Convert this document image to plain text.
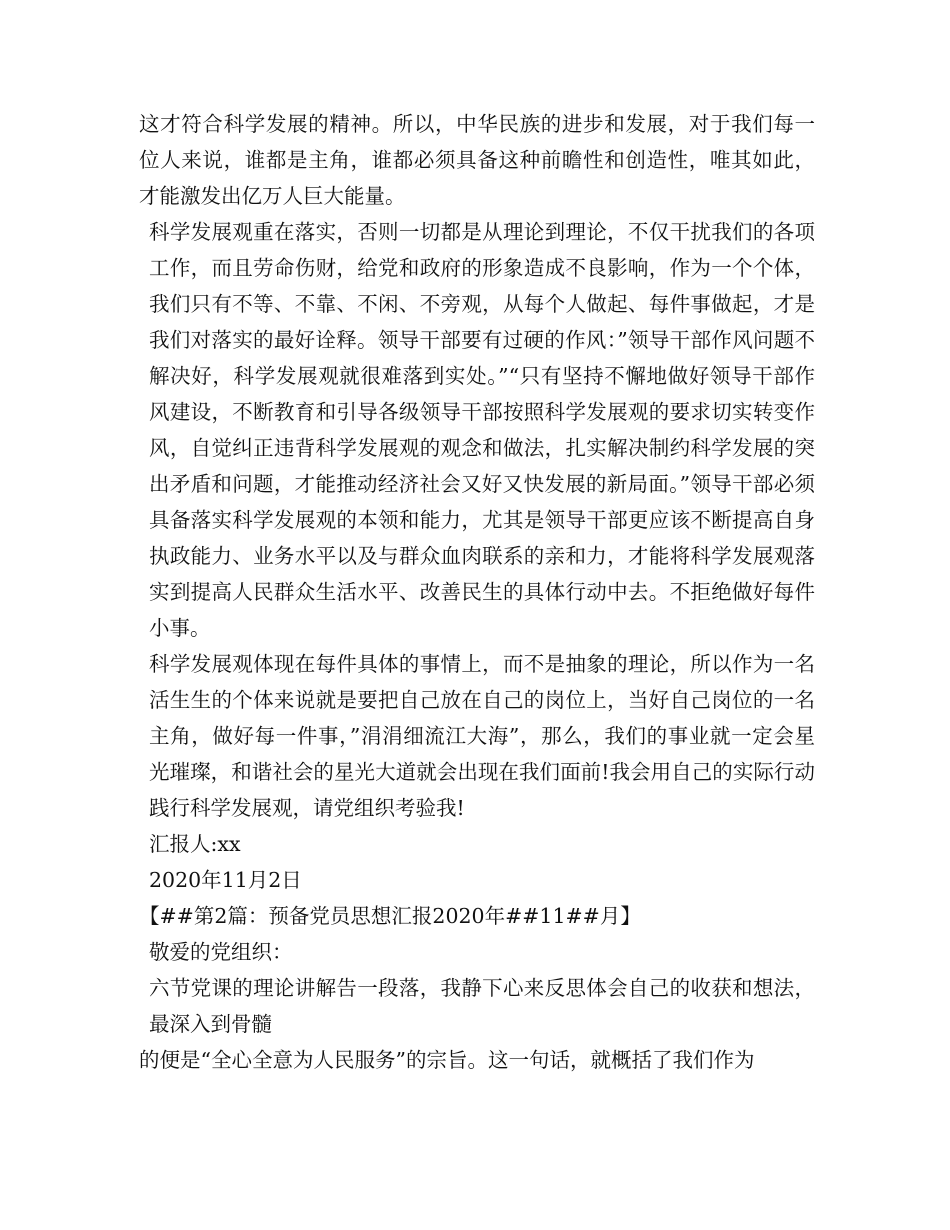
这才符合科学发展的精神。所以，中华民族的进步和发展，对于我们每一位人来说，谁都是主角，谁都必须具备这种前瞻性和创造性，唯其如此，才能激发出亿万人巨大能量。

科学发展观重在落实，否则一切都是从理论到理论，不仅干扰我们的各项工作，而且劳命伤财，给党和政府的形象造成不良影响，作为一个个体，我们只有不等、不靠、不闲、不旁观，从每个人做起、每件事做起，才是我们对落实的最好诠释。领导干部要有过硬的作风：”领导干部作风问题不解决好，科学发展观就很难落到实处。”“只有坚持不懈地做好领导干部作风建设，不断教育和引导各级领导干部按照科学发展观的要求切实转变作风，自觉纠正违背科学发展观的观念和做法，扎实解决制约科学发展的突出矛盾和问题，才能推动经济社会又好又快发展的新局面。”领导干部必须具备落实科学发展观的本领和能力，尤其是领导干部更应该不断提高自身执政能力、业务水平以及与群众血肉联系的亲和力，才能将科学发展观落实到提高人民群众生活水平、改善民生的具体行动中去。不拒绝做好每件小事。

科学发展观体现在每件具体的事情上，而不是抽象的理论，所以作为一名活生生的个体来说就是要把自己放在自己的岗位上，当好自己岗位的一名主角，做好每一件事，”涓涓细流江大海”，那么，我们的事业就一定会星光璀璨，和谐社会的星光大道就会出现在我们面前!我会用自己的实际行动践行科学发展观，请党组织考验我!

汇报人:xx

2020年11月2日

【##第2篇：预备党员思想汇报2020年##11##月】

敬爱的党组织：

六节党课的理论讲解告一段落，我静下心来反思体会自己的收获和想法，最深入到骨髓

的便是“全心全意为人民服务”的宗旨。这一句话，就概括了我们作为
